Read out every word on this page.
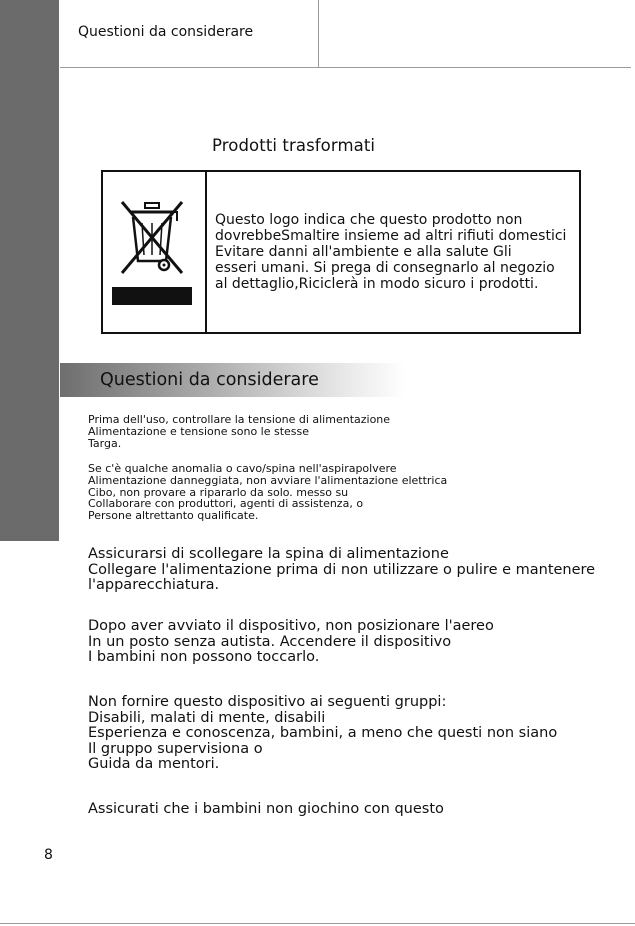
Questioni da considerare
Prodotti trasformati
Questo logo indica che questo prodotto non
dovrebbeSmaltire insieme ad altri rifiuti domestici
Evitare danni all'ambiente e alla salute Gli
esseri umani. Si prega di consegnarlo al negozio
al dettaglio,Riciclerà in modo sicuro i prodotti.
Questioni da considerare
Prima dell'uso, controllare la tensione di alimentazione
Alimentazione e tensione sono le stesse
Targa.
Se c'è qualche anomalia o cavo/spina nell'aspirapolvere
Alimentazione danneggiata, non avviare l'alimentazione elettrica
Cibo, non provare a ripararlo da solo. messo su
Collaborare con produttori, agenti di assistenza, o
Persone altrettanto qualificate.
Assicurarsi di scollegare la spina di alimentazione
Collegare l'alimentazione prima di non utilizzare o pulire e mantenere
l'apparecchiatura.
Dopo aver avviato il dispositivo, non posizionare l'aereo
In un posto senza autista. Accendere il dispositivo
I bambini non possono toccarlo.
Non fornire questo dispositivo ai seguenti gruppi:
Disabili, malati di mente, disabili
Esperienza e conoscenza, bambini, a meno che questi non siano
Il gruppo supervisiona o
Guida da mentori.
Assicurati che i bambini non giochino con questo
8
